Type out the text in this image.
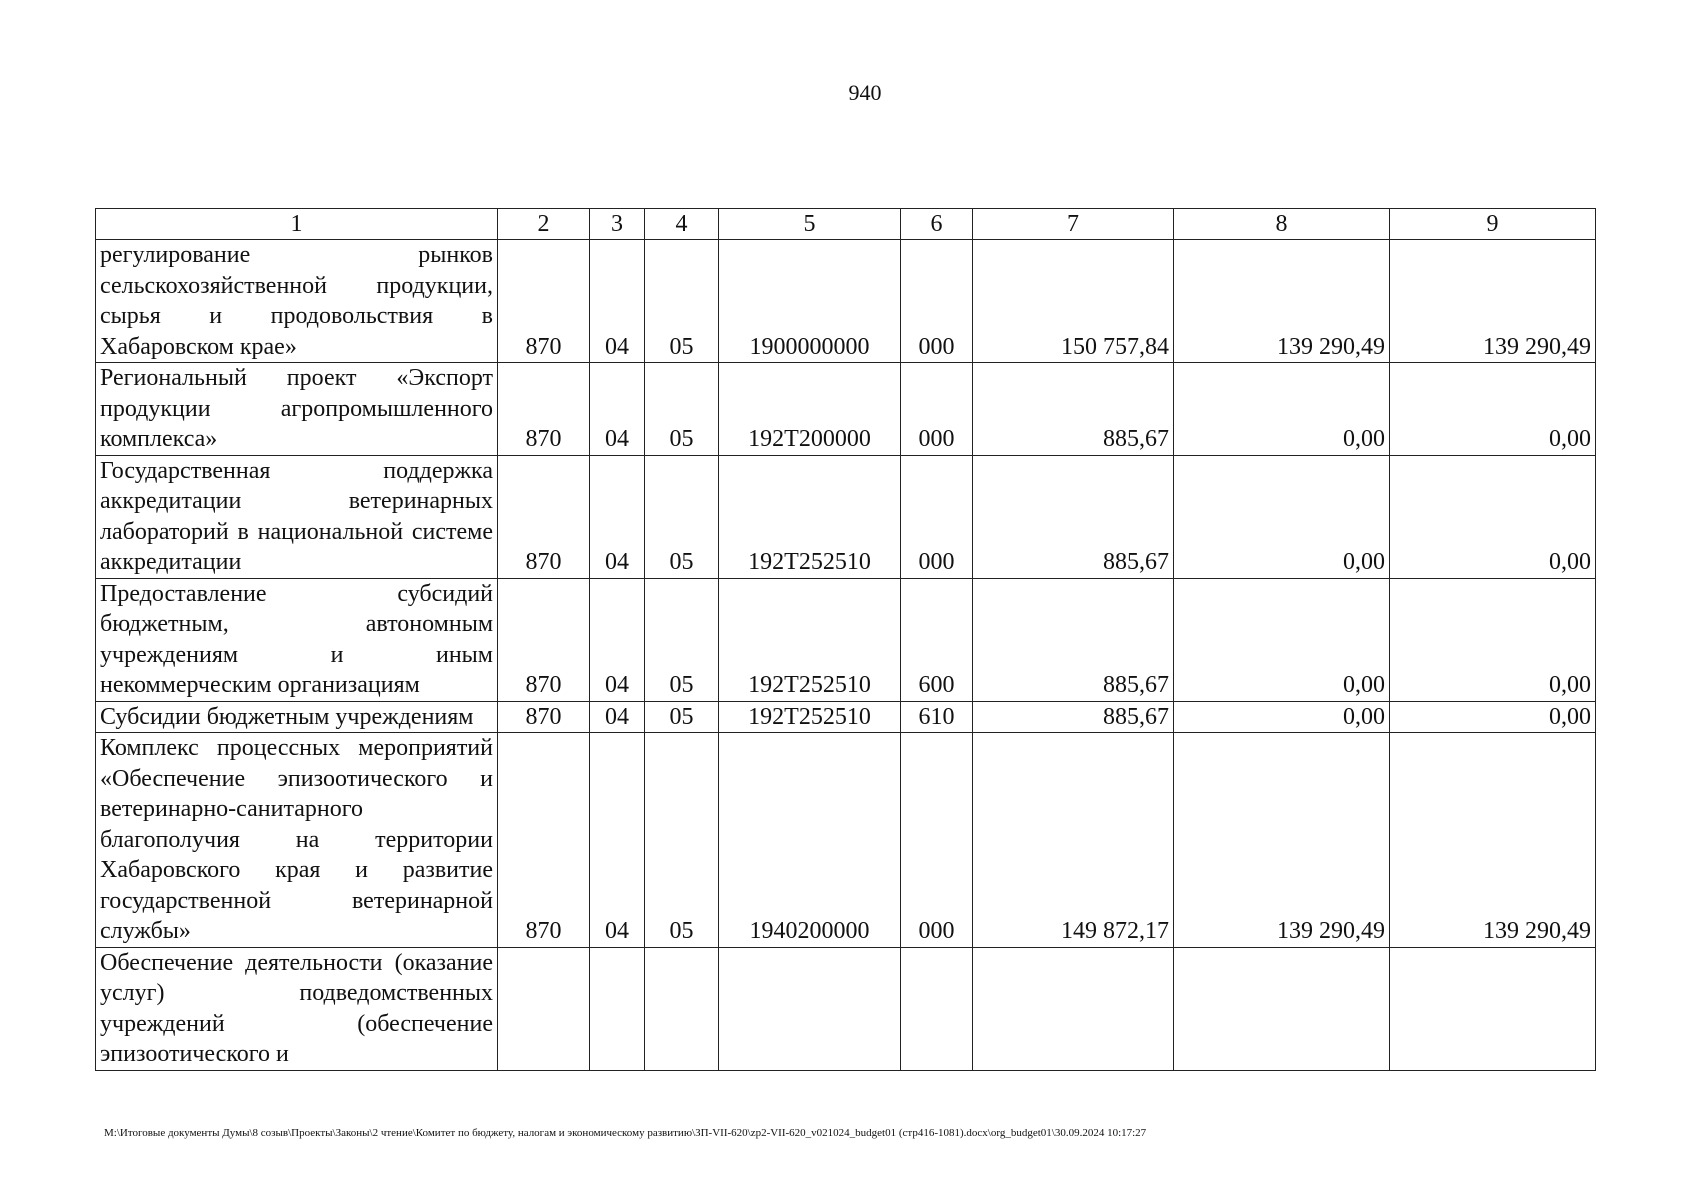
940
1	2	3	4	5	6	7	8	9
регулирование рынков сельскохозяйственной продукции, сырья и продовольствия в Хабаровском крае»	870	04	05	1900000000	000	150 757,84	139 290,49	139 290,49
Региональный проект «Экспорт продукции агропромышленного комплекса»	870	04	05	192Т200000	000	885,67	0,00	0,00
Государственная поддержка аккредитации ветеринарных лабораторий в национальной системе аккредитации	870	04	05	192Т252510	000	885,67	0,00	0,00
Предоставление субсидий бюджетным, автономным учреждениям и иным некоммерческим организациям	870	04	05	192Т252510	600	885,67	0,00	0,00
Субсидии бюджетным учреждениям	870	04	05	192Т252510	610	885,67	0,00	0,00
Комплекс процессных мероприятий «Обеспечение эпизоотического и ветеринарно-санитарного благополучия на территории Хабаровского края и развитие государственной ветеринарной службы»	870	04	05	1940200000	000	149 872,17	139 290,49	139 290,49
Обеспечение деятельности (оказание услуг) подведомственных учреждений (обеспечение эпизоотического и								
М:\Итоговые документы Думы\8 созыв\Проекты\Законы\2 чтение\Комитет по бюджету, налогам и экономическому развитию\ЗП-VII-620\zp2-VII-620_v021024_budget01 (стр416-1081).docx\org_budget01\30.09.2024 10:17:27
